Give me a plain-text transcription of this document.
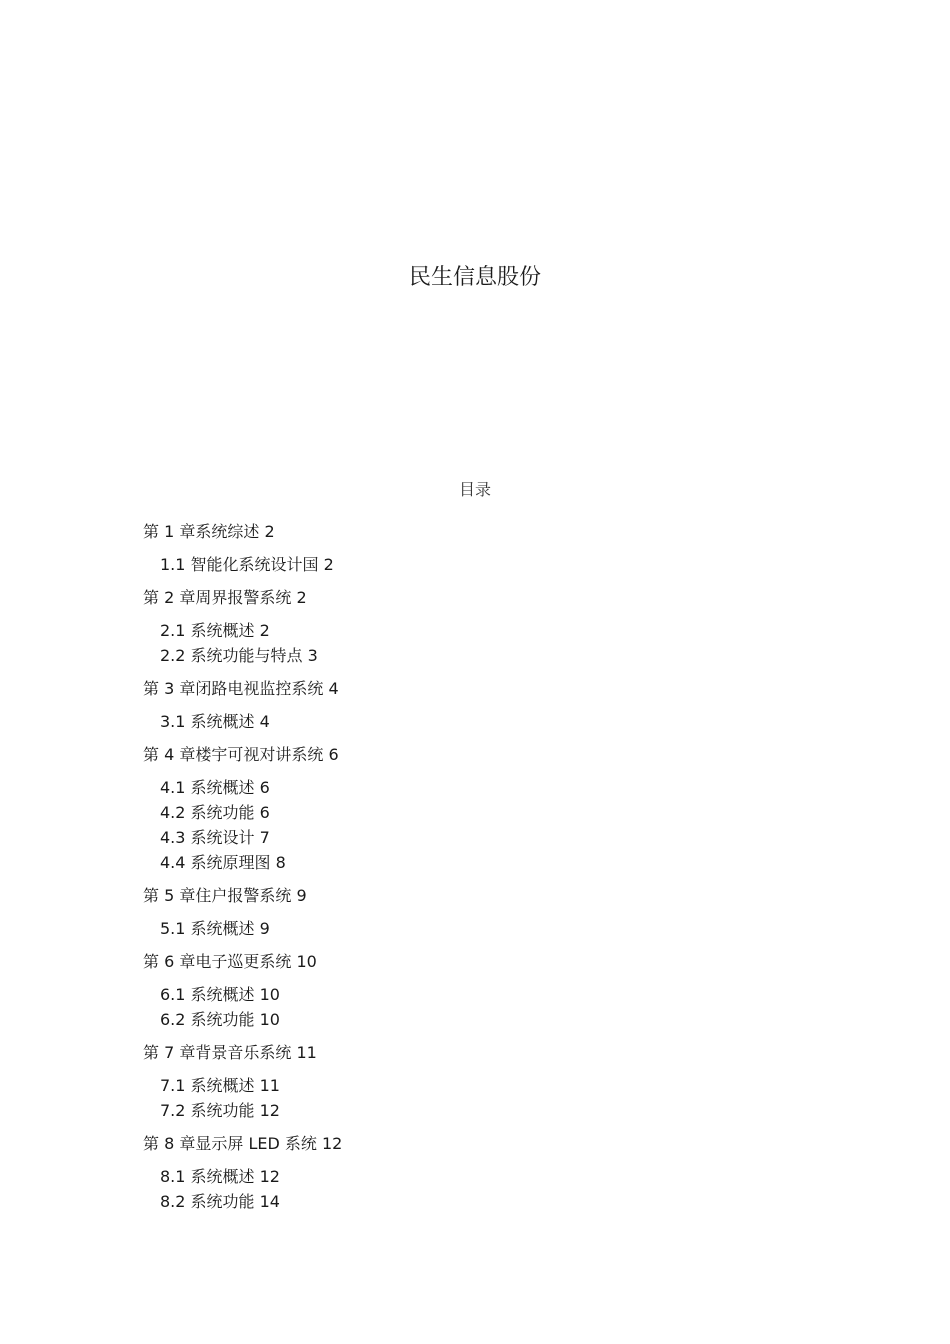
民生信息股份
目录
第 1 章系统综述 2
1.1 智能化系统设计国 2
第 2 章周界报警系统 2
2.1 系统概述 2
2.2 系统功能与特点 3
第 3 章闭路电视监控系统 4
3.1 系统概述 4
第 4 章楼宇可视对讲系统 6
4.1 系统概述 6
4.2 系统功能 6
4.3 系统设计 7
4.4 系统原理图 8
第 5 章住户报警系统 9
5.1 系统概述 9
第 6 章电子巡更系统 10
6.1 系统概述 10
6.2 系统功能 10
第 7 章背景音乐系统 11
7.1 系统概述 11
7.2 系统功能 12
第 8 章显示屏 LED 系统 12
8.1 系统概述 12
8.2 系统功能 14
